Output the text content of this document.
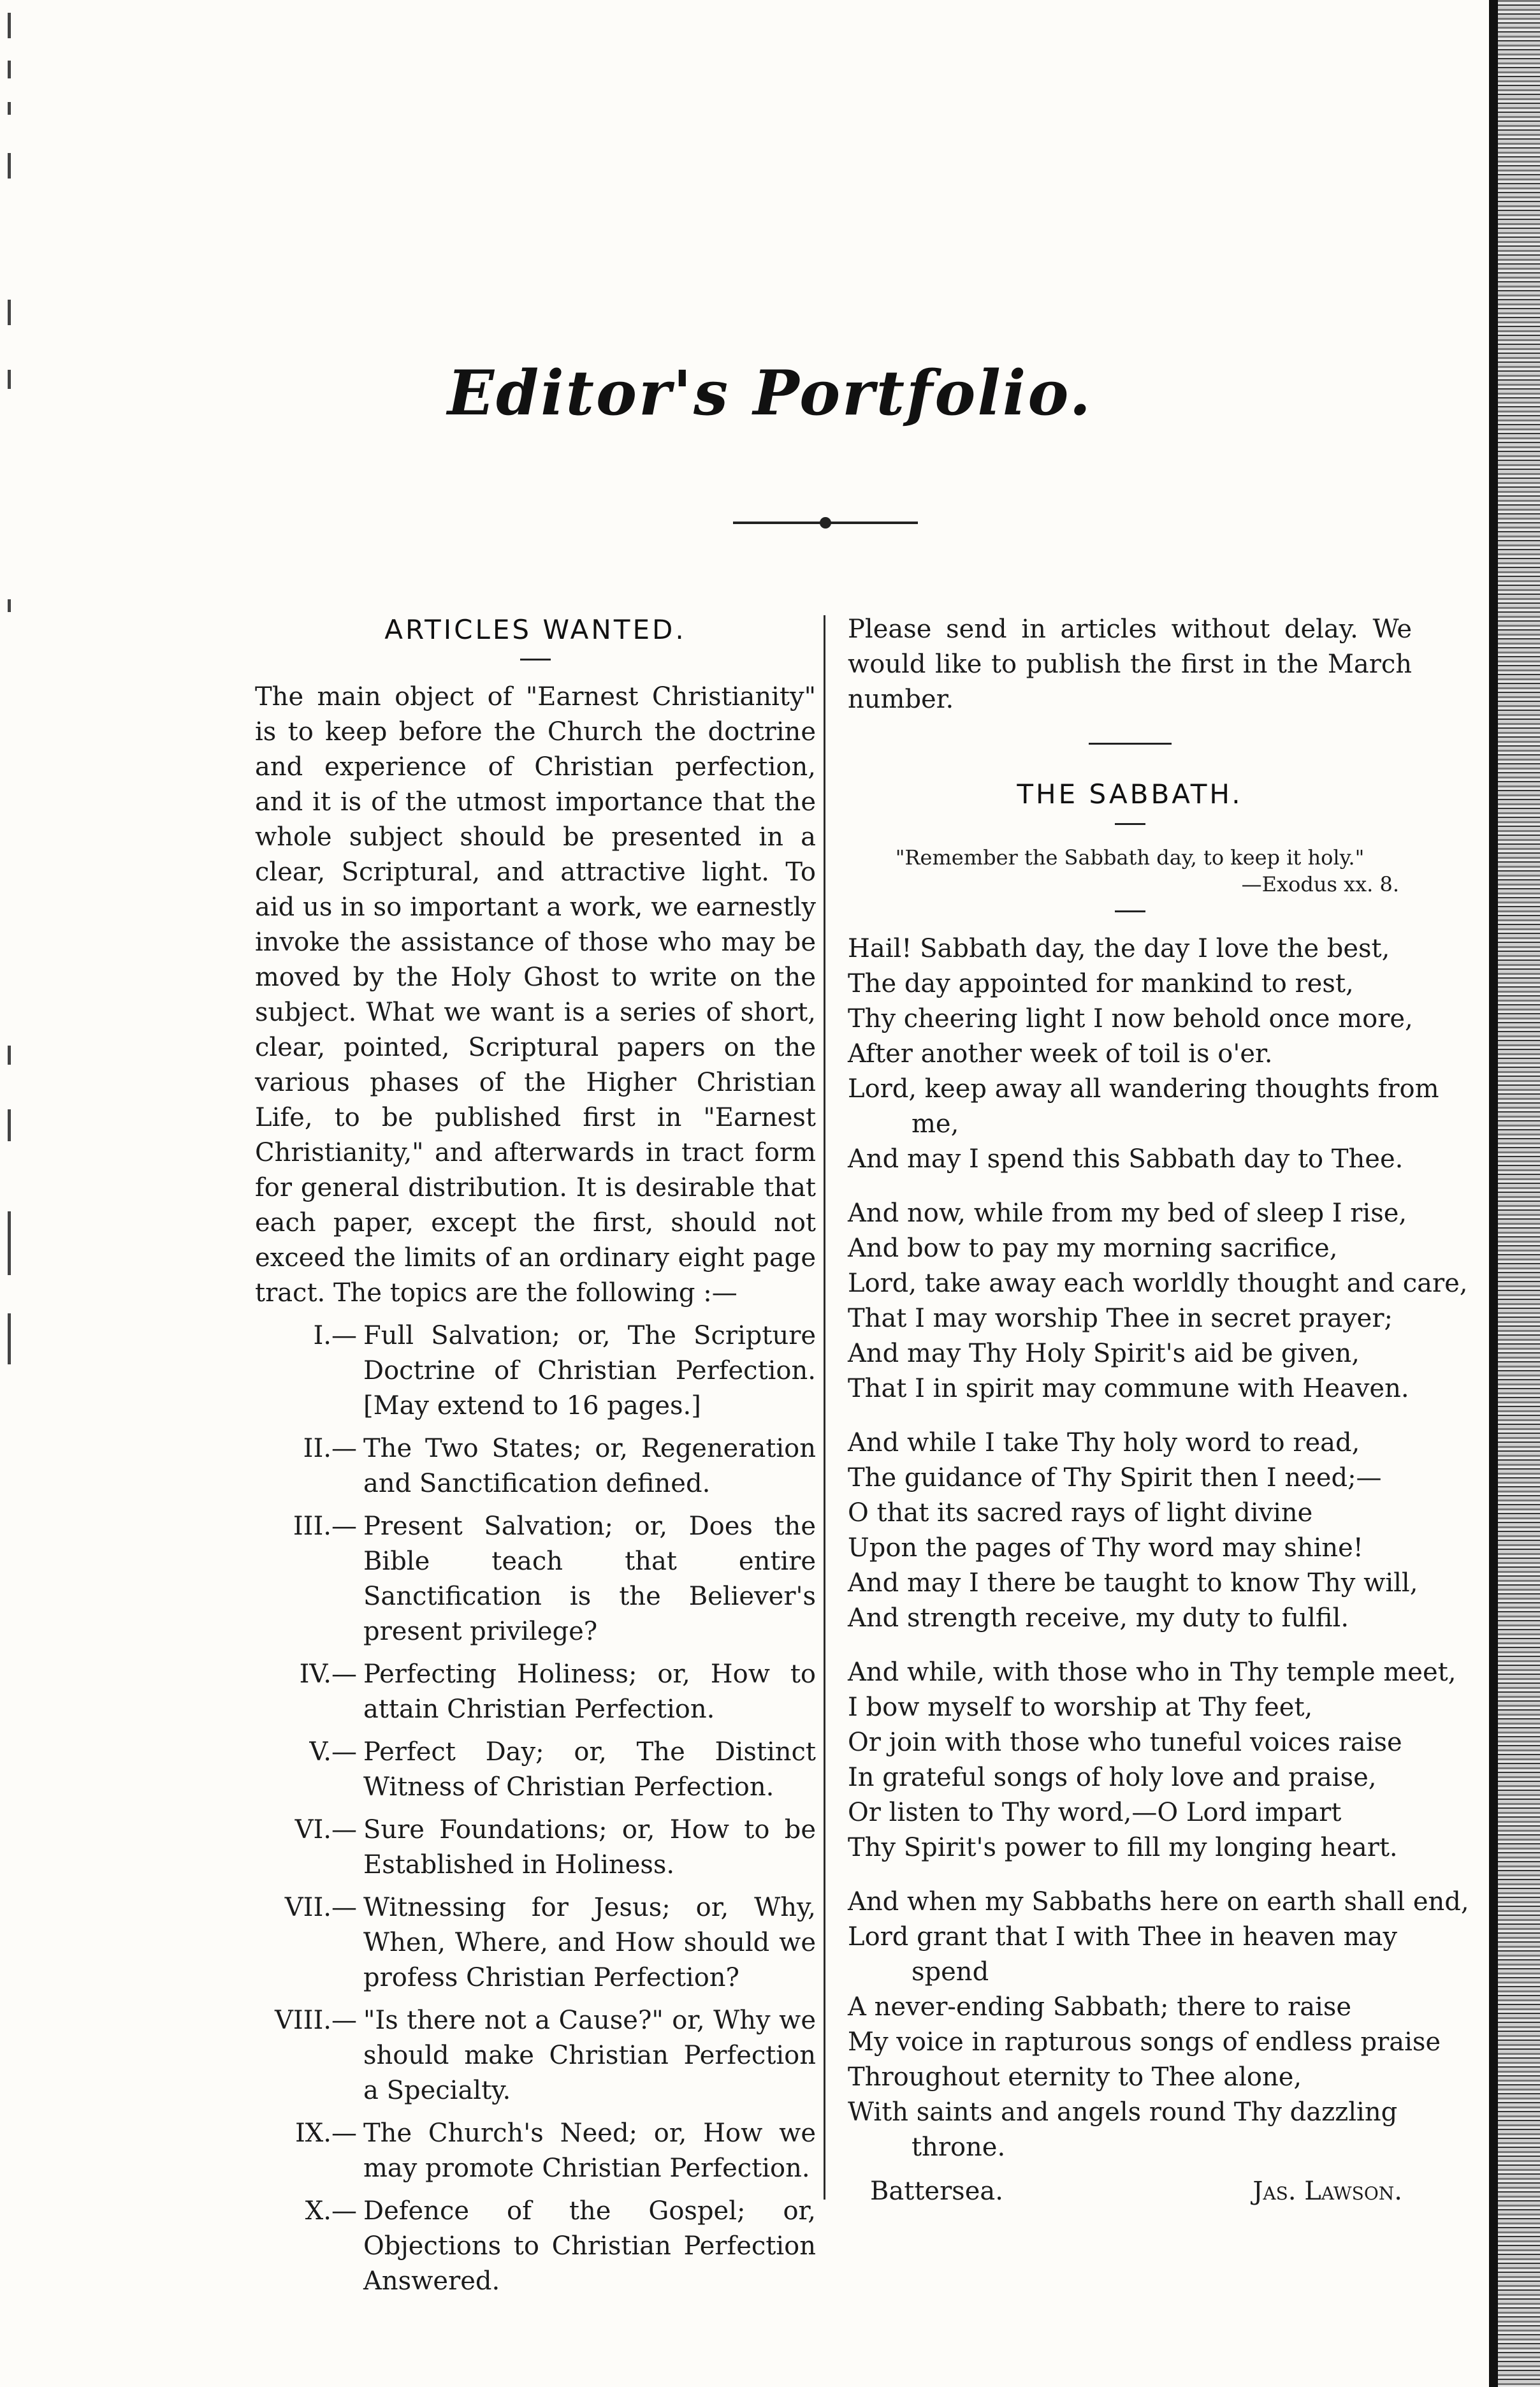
Editor's Portfolio.
ARTICLES WANTED.

The main object of "Earnest Christianity" is to keep before the Church the doctrine and experience of Christian perfection, and it is of the utmost importance that the whole subject should be presented in a clear, Scriptural, and attractive light. To aid us in so important a work, we earnestly invoke the assistance of those who may be moved by the Holy Ghost to write on the subject. What we want is a series of short, clear, pointed, Scriptural papers on the various phases of the Higher Christian Life, to be published first in "Earnest Christianity," and afterwards in tract form for general distribution. It is desirable that each paper, except the first, should not exceed the limits of an ordinary eight page tract. The topics are the following :—

I.— Full Salvation; or, The Scripture Doctrine of Christian Perfection. [May extend to 16 pages.]
II.— The Two States; or, Regeneration and Sanctification defined.
III.— Present Salvation; or, Does the Bible teach that entire Sanctification is the Believer's present privilege?
IV.— Perfecting Holiness; or, How to attain Christian Perfection.
V.— Perfect Day; or, The Distinct Witness of Christian Perfection.
VI.— Sure Foundations; or, How to be Established in Holiness.
VII.— Witnessing for Jesus; or, Why, When, Where, and How should we profess Christian Perfection?
VIII.— "Is there not a Cause?" or, Why we should make Christian Perfection a Specialty.
IX.— The Church's Need; or, How we may promote Christian Perfection.
X.— Defence of the Gospel; or, Objections to Christian Perfection Answered.

Please send in articles without delay. We would like to publish the first in the March number.

THE SABBATH.
"Remember the Sabbath day, to keep it holy."
—Exodus xx. 8.
Hail! Sabbath day, the day I love the best,
The day appointed for mankind to rest,
Thy cheering light I now behold once more,
After another week of toil is o'er.
Lord, keep away all wandering thoughts from
me,
And may I spend this Sabbath day to Thee.
And now, while from my bed of sleep I rise,
And bow to pay my morning sacrifice,
Lord, take away each worldly thought and care,
That I may worship Thee in secret prayer;
And may Thy Holy Spirit's aid be given,
That I in spirit may commune with Heaven.
And while I take Thy holy word to read,
The guidance of Thy Spirit then I need;—
O that its sacred rays of light divine
Upon the pages of Thy word may shine!
And may I there be taught to know Thy will,
And strength receive, my duty to fulfil.
And while, with those who in Thy temple meet,
I bow myself to worship at Thy feet,
Or join with those who tuneful voices raise
In grateful songs of holy love and praise,
Or listen to Thy word,—O Lord impart
Thy Spirit's power to fill my longing heart.
And when my Sabbaths here on earth shall end,
Lord grant that I with Thee in heaven may
spend
A never-ending Sabbath; there to raise
My voice in rapturous songs of endless praise
Throughout eternity to Thee alone,
With saints and angels round Thy dazzling
throne.
Battersea.	Jas. Lawson.
